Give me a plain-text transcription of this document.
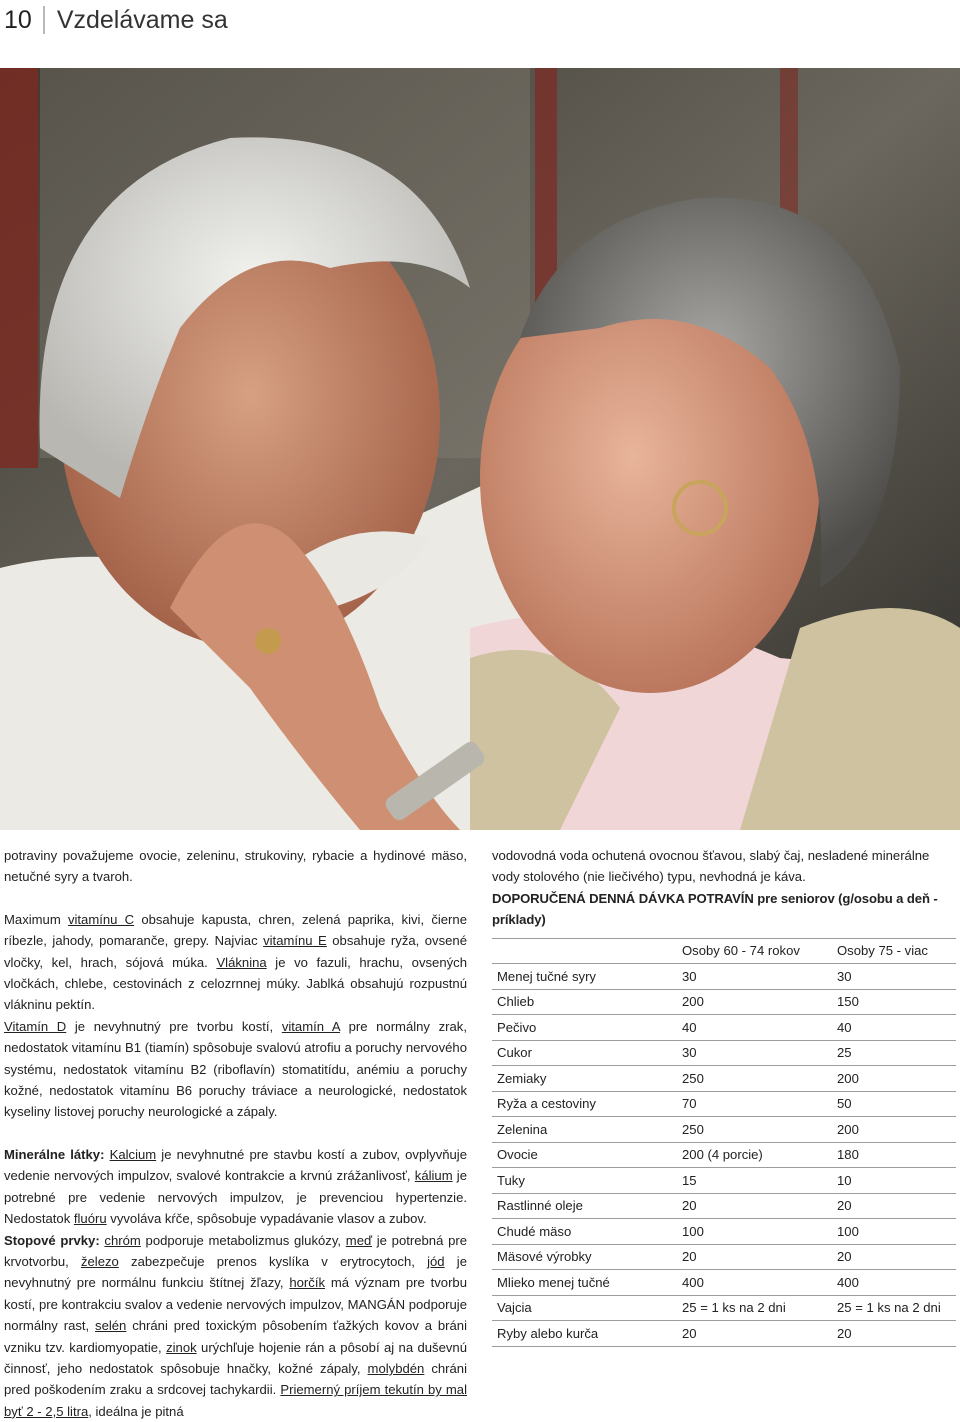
10 Vzdelávame sa

potraviny považujeme ovocie, zeleninu, strukoviny, rybacie a hydinové mäso, netučné syry a tvaroh.

Maximum vitamínu C obsahuje kapusta, chren, zelená paprika, kivi, čierne ríbezle, jahody, pomaranče, grepy. Najviac vitamínu E obsahuje ryža, ovsené vločky, kel, hrach, sójová múka. Vláknina je vo fazuli, hrachu, ovsených vločkách, chlebe, cestovinách z celozrnnej múky. Jablká obsahujú rozpustnú vlákninu pektín.

Vitamín D je nevyhnutný pre tvorbu kostí, vitamín A pre normálny zrak, nedostatok vitamínu B1 (tiamín) spôsobuje svalovú atrofiu a poruchy nervového systému, nedostatok vitamínu B2 (riboflavín) stomatitídu, anémiu a poruchy kožné, nedostatok vitamínu B6 poruchy tráviace a neurologické, nedostatok kyseliny listovej poruchy neurologické a zápaly.

Minerálne látky: Kalcium je nevyhnutné pre stavbu kostí a zubov, ovplyvňuje vedenie nervových impulzov, svalové kontrakcie a krvnú zrážanlivosť, kálium je potrebné pre vedenie nervových impulzov, je prevenciou hypertenzie. Nedostatok fluóru vyvoláva kŕče, spôsobuje vypadávanie vlasov a zubov.

Stopové prvky: chróm podporuje metabolizmus glukózy, meď je potrebná pre krvotvorbu, železo zabezpečuje prenos kyslíka v erytrocytoch, jód je nevyhnutný pre normálnu funkciu štítnej žľazy, horčík má význam pre tvorbu kostí, pre kontrakciu svalov a vedenie nervových impulzov, MANGÁN podporuje normálny rast, selén chráni pred toxickým pôsobením ťažkých kovov a bráni vzniku tzv. kardiomyopatie, zinok urýchľuje hojenie rán a pôsobí aj na duševnú činnosť, jeho nedostatok spôsobuje hnačky, kožné zápaly, molybdén chráni pred poškodením zraku a srdcovej tachykardii. Priemerný príjem tekutín by mal byť 2 - 2,5 litra, ideálna je pitná

vodovodná voda ochutená ovocnou šťavou, slabý čaj, nesladené minerálne vody stolového (nie liečivého) typu, nevhodná je káva.

DOPORUČENÁ DENNÁ DÁVKA POTRAVÍN pre seniorov (g/osobu a deň - príklady)

	Osoby 60 - 74 rokov	Osoby 75 - viac
Menej tučné syry	30	30
Chlieb	200	150
Pečivo	40	40
Cukor	30	25
Zemiaky	250	200
Ryža a cestoviny	70	50
Zelenina	250	200
Ovocie	200 (4 porcie)	180
Tuky	15	10
Rastlinné oleje	20	20
Chudé mäso	100	100
Mäsové výrobky	20	20
Mlieko menej tučné	400	400
Vajcia	25 = 1 ks na 2 dni	25 = 1 ks na 2 dni
Ryby alebo kurča	20	20
